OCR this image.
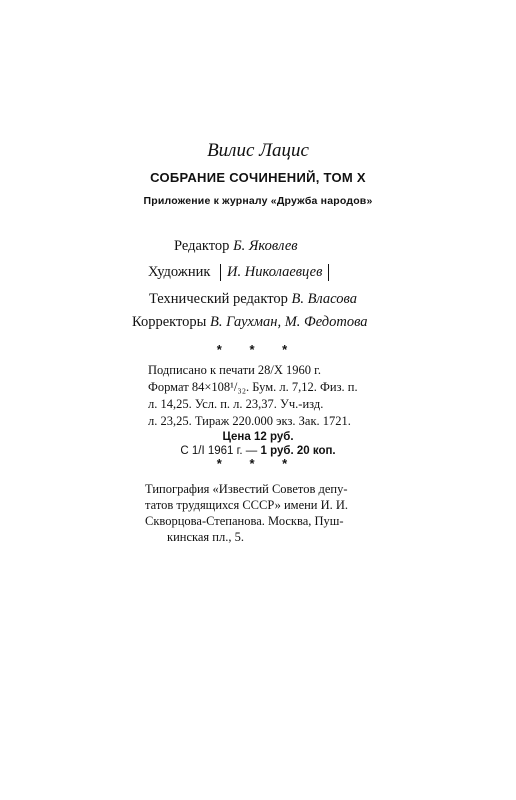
Вилис Лацис
СОБРАНИЕ СОЧИНЕНИЙ, ТОМ X
Приложение к журналу «Дружба народов»
Редактор Б. Яковлев
Художник И. Николаевцев
Технический редактор В. Власова
Корректоры В. Гаухман, М. Федотова
* * *
Подписано к печати 28/X 1960 г.
Формат 84×108¹/₃₂. Бум. л. 7,12. Физ. п.
л. 14,25. Усл. п. л. 23,37. Уч.-изд.
л. 23,25. Тираж 220.000 экз. Зак. 1721.
Цена 12 руб.
С 1/I 1961 г. — 1 руб. 20 коп.
* * *
Типография «Известий Советов депу-
татов трудящихся СССР» имени И. И.
Скворцова-Степанова. Москва, Пуш-
кинская пл., 5.
